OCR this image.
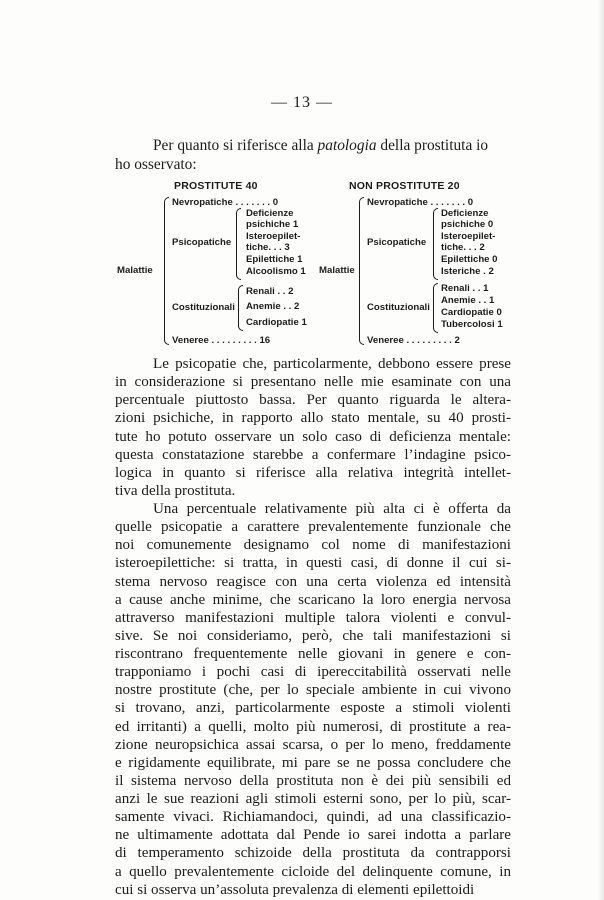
— 13 —
Per quanto si riferisce alla patologia della prostituta io
ho osservato:
PROSTITUTE 40
Malattie
Nevropatiche . . . . . . . 0
Psicopatiche
Deficienze
psichiche 1
Isteroepilet-
tiche. . . 3
Epilettiche 1
Alcoolismo 1
Costituzionali
Renali . . 2
Anemie . . 2
Cardiopatie 1
Veneree . . . . . . . . . 16
NON PROSTITUTE 20
Malattie
Nevropatiche . . . . . . . 0
Psicopatiche
Deficienze
psichiche 0
Isteroepilet-
tiche. . . 2
Epilettiche 0
Isteriche . 2
Costituzionali
Renali . . 1
Anemie . . 1
Cardiopatie 0
Tubercolosi 1
Veneree . . . . . . . . . 2
Le psicopatie che, particolarmente, debbono essere prese
in considerazione si presentano nelle mie esaminate con una
percentuale piuttosto bassa. Per quanto riguarda le altera-
zioni psichiche, in rapporto allo stato mentale, su 40 prosti-
tute ho potuto osservare un solo caso di deficienza mentale:
questa constatazione starebbe a confermare l’indagine psico-
logica in quanto si riferisce alla relativa integrità intellet-
tiva della prostituta.
Una percentuale relativamente più alta ci è offerta da
quelle psicopatie a carattere prevalentemente funzionale che
noi comunemente designamo col nome di manifestazioni
isteroepilettiche: si tratta, in questi casi, di donne il cui si-
stema nervoso reagisce con una certa violenza ed intensità
a cause anche minime, che scaricano la loro energia nervosa
attraverso manifestazioni multiple talora violenti e convul-
sive. Se noi consideriamo, però, che tali manifestazioni si
riscontrano frequentemente nelle giovani in genere e con-
trapponiamo i pochi casi di ipereccitabilità osservati nelle
nostre prostitute (che, per lo speciale ambiente in cui vivono
si trovano, anzi, particolarmente esposte a stimoli violenti
ed irritanti) a quelli, molto più numerosi, di prostitute a rea-
zione neuropsichica assai scarsa, o per lo meno, freddamente
e rigidamente equilibrate, mi pare se ne possa concludere che
il sistema nervoso della prostituta non è dei più sensibili ed
anzi le sue reazioni agli stimoli esterni sono, per lo più, scar-
samente vivaci. Richiamandoci, quindi, ad una classificazio-
ne ultimamente adottata dal Pende io sarei indotta a parlare
di temperamento schizoide della prostituta da contrapporsi
a quello prevalentemente cicloide del delinquente comune, in
cui si osserva un’assoluta prevalenza di elementi epilettoidi
